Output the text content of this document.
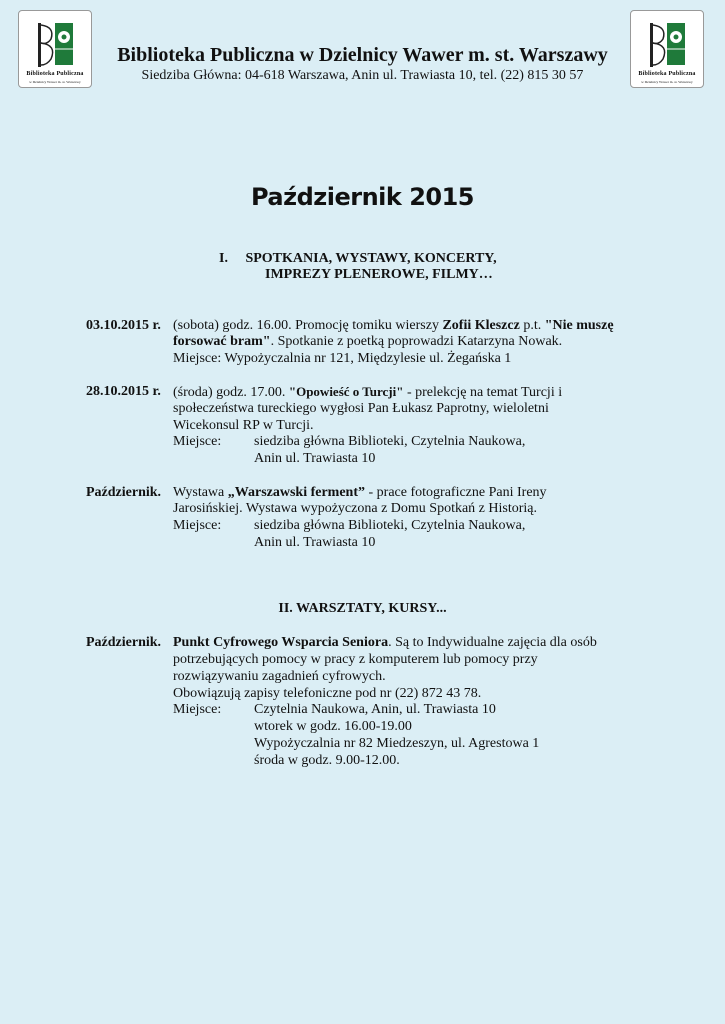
Biblioteka Publiczna
w Dzielnicy Wawer m. st. Warszawy
Biblioteka Publiczna
w Dzielnicy Wawer m. st. Warszawy
Biblioteka Publiczna w Dzielnicy Wawer m. st. Warszawy
Siedziba Główna: 04-618 Warszawa, Anin ul. Trawiasta 10, tel. (22) 815 30 57
Październik 2015
I.     SPOTKANIA, WYSTAWY, KONCERTY,
IMPREZY PLENEROWE, FILMY…
03.10.2015 r. (sobota) godz. 16.00. Promocję tomiku wierszy Zofii Kleszcz p.t. "Nie muszę
forsować bram". Spotkanie z poetką poprowadzi Katarzyna Nowak.
Miejsce: Wypożyczalnia nr 121, Międzylesie ul. Żegańska 1
28.10.2015 r. (środa) godz. 17.00. "Opowieść o Turcji" - prelekcję na temat Turcji i
społeczeństwa tureckiego wygłosi Pan Łukasz Paprotny, wieloletni
Wicekonsul RP w Turcji.
Miejsce: siedziba główna Biblioteki, Czytelnia Naukowa,
Anin ul. Trawiasta 10
Październik. Wystawa „Warszawski ferment” - prace fotograficzne Pani Ireny
Jarosińskiej. Wystawa wypożyczona z Domu Spotkań z Historią.
Miejsce: siedziba główna Biblioteki, Czytelnia Naukowa,
Anin ul. Trawiasta 10
II. WARSZTATY, KURSY...
Październik. Punkt Cyfrowego Wsparcia Seniora. Są to Indywidualne zajęcia dla osób
potrzebujących pomocy w pracy z komputerem lub pomocy przy
rozwiązywaniu zagadnień cyfrowych.
Obowiązują zapisy telefoniczne pod nr (22) 872 43 78.
Miejsce: Czytelnia Naukowa, Anin, ul. Trawiasta 10
wtorek w godz. 16.00-19.00
Wypożyczalnia nr 82 Miedzeszyn, ul. Agrestowa 1
środa w godz. 9.00-12.00.
